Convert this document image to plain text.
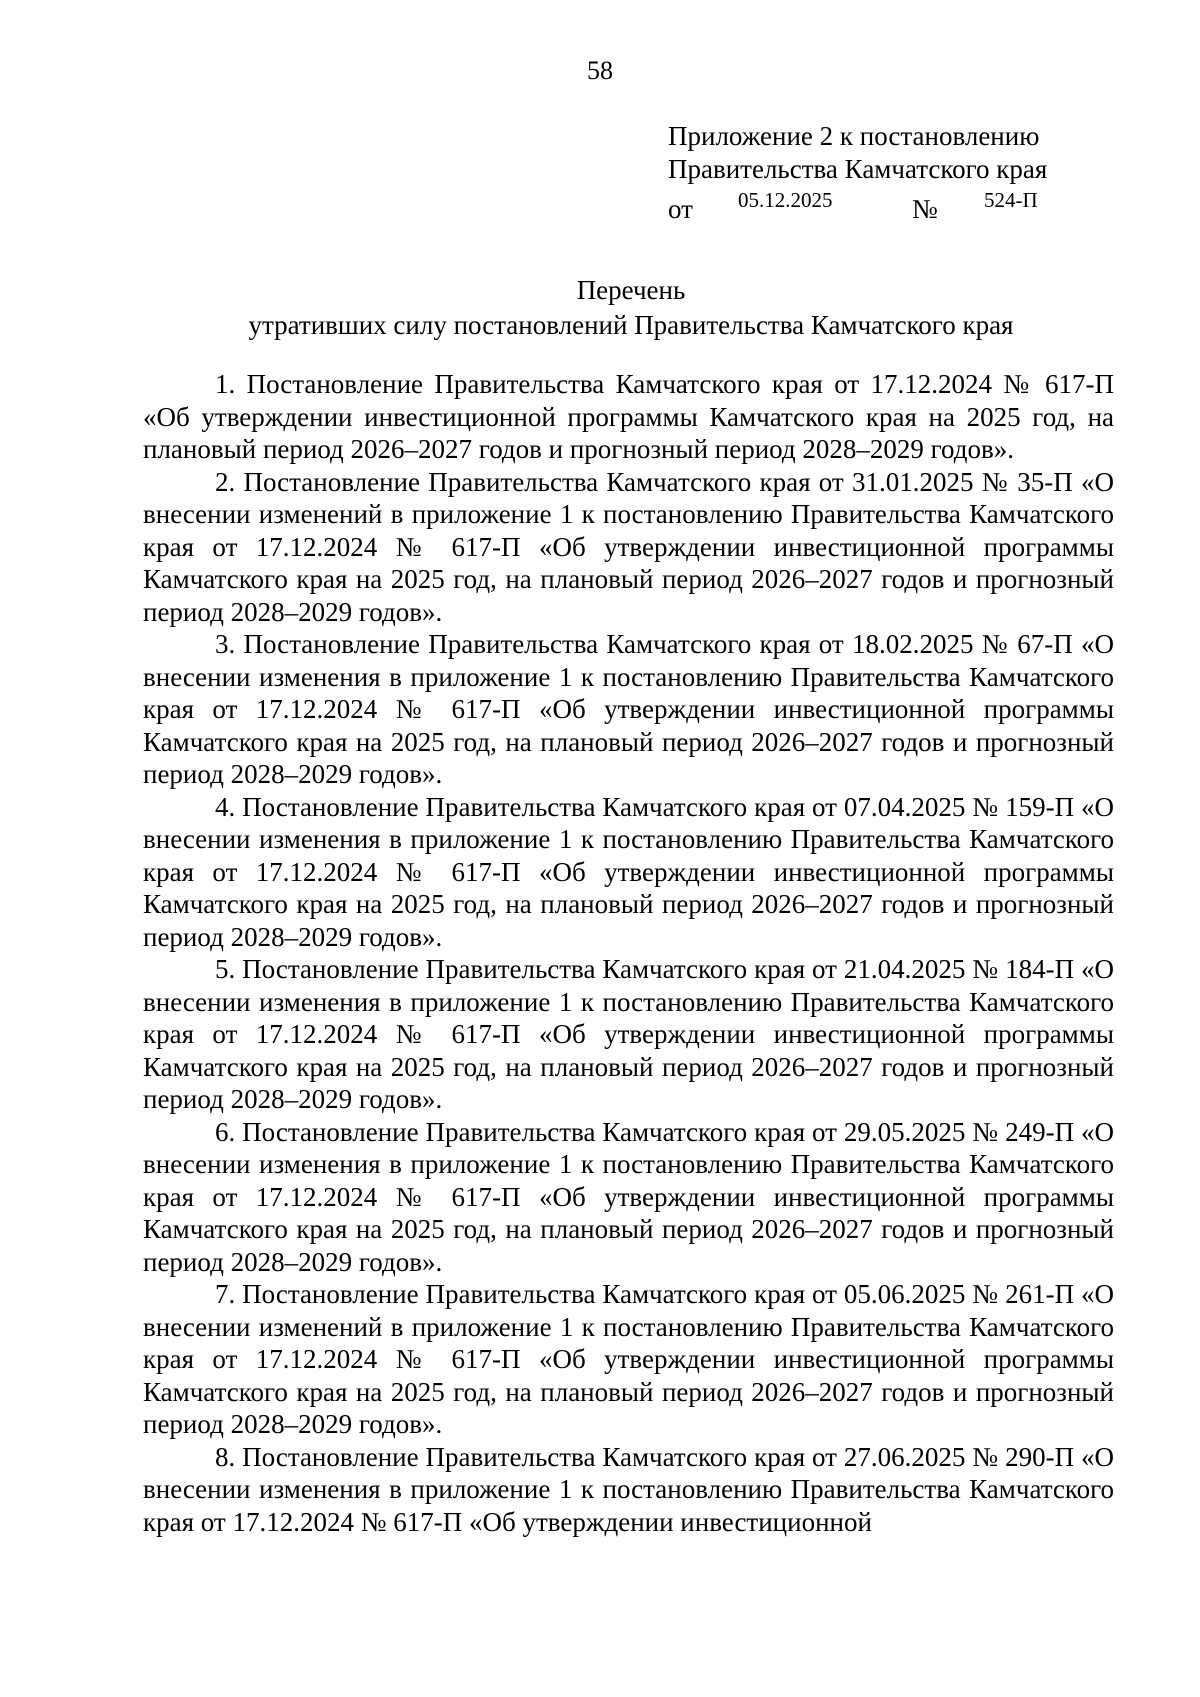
58
Приложение 2 к постановлению
Правительства Камчатского края
от 05.12.2025	№ 524-П
Перечень
утративших силу постановлений Правительства Камчатского края

1. Постановление Правительства Камчатского края от 17.12.2024 № 617-П «Об утверждении инвестиционной программы Камчатского края на 2025 год, на плановый период 2026–2027 годов и прогнозный период 2028–2029 годов».

2. Постановление Правительства Камчатского края от 31.01.2025 № 35-П «О внесении изменений в приложение 1 к постановлению Правительства Камчатского края от 17.12.2024 № 617-П «Об утверждении инвестиционной программы Камчатского края на 2025 год, на плановый период 2026–2027 годов и прогнозный период 2028–2029 годов».

3. Постановление Правительства Камчатского края от 18.02.2025 № 67-П «О внесении изменения в приложение 1 к постановлению Правительства Камчатского края от 17.12.2024 № 617-П «Об утверждении инвестиционной программы Камчатского края на 2025 год, на плановый период 2026–2027 годов и прогнозный период 2028–2029 годов».

4. Постановление Правительства Камчатского края от 07.04.2025 № 159-П «О внесении изменения в приложение 1 к постановлению Правительства Камчатского края от 17.12.2024 № 617-П «Об утверждении инвестиционной программы Камчатского края на 2025 год, на плановый период 2026–2027 годов и прогнозный период 2028–2029 годов».

5. Постановление Правительства Камчатского края от 21.04.2025 № 184-П «О внесении изменения в приложение 1 к постановлению Правительства Камчатского края от 17.12.2024 № 617-П «Об утверждении инвестиционной программы Камчатского края на 2025 год, на плановый период 2026–2027 годов и прогнозный период 2028–2029 годов».

6. Постановление Правительства Камчатского края от 29.05.2025 № 249-П «О внесении изменения в приложение 1 к постановлению Правительства Камчатского края от 17.12.2024 № 617-П «Об утверждении инвестиционной программы Камчатского края на 2025 год, на плановый период 2026–2027 годов и прогнозный период 2028–2029 годов».

7. Постановление Правительства Камчатского края от 05.06.2025 № 261-П «О внесении изменений в приложение 1 к постановлению Правительства Камчатского края от 17.12.2024 № 617-П «Об утверждении инвестиционной программы Камчатского края на 2025 год, на плановый период 2026–2027 годов и прогнозный период 2028–2029 годов».

8. Постановление Правительства Камчатского края от 27.06.2025 № 290-П «О внесении изменения в приложение 1 к постановлению Правительства Камчатского края от 17.12.2024 № 617-П «Об утверждении инвестиционной
